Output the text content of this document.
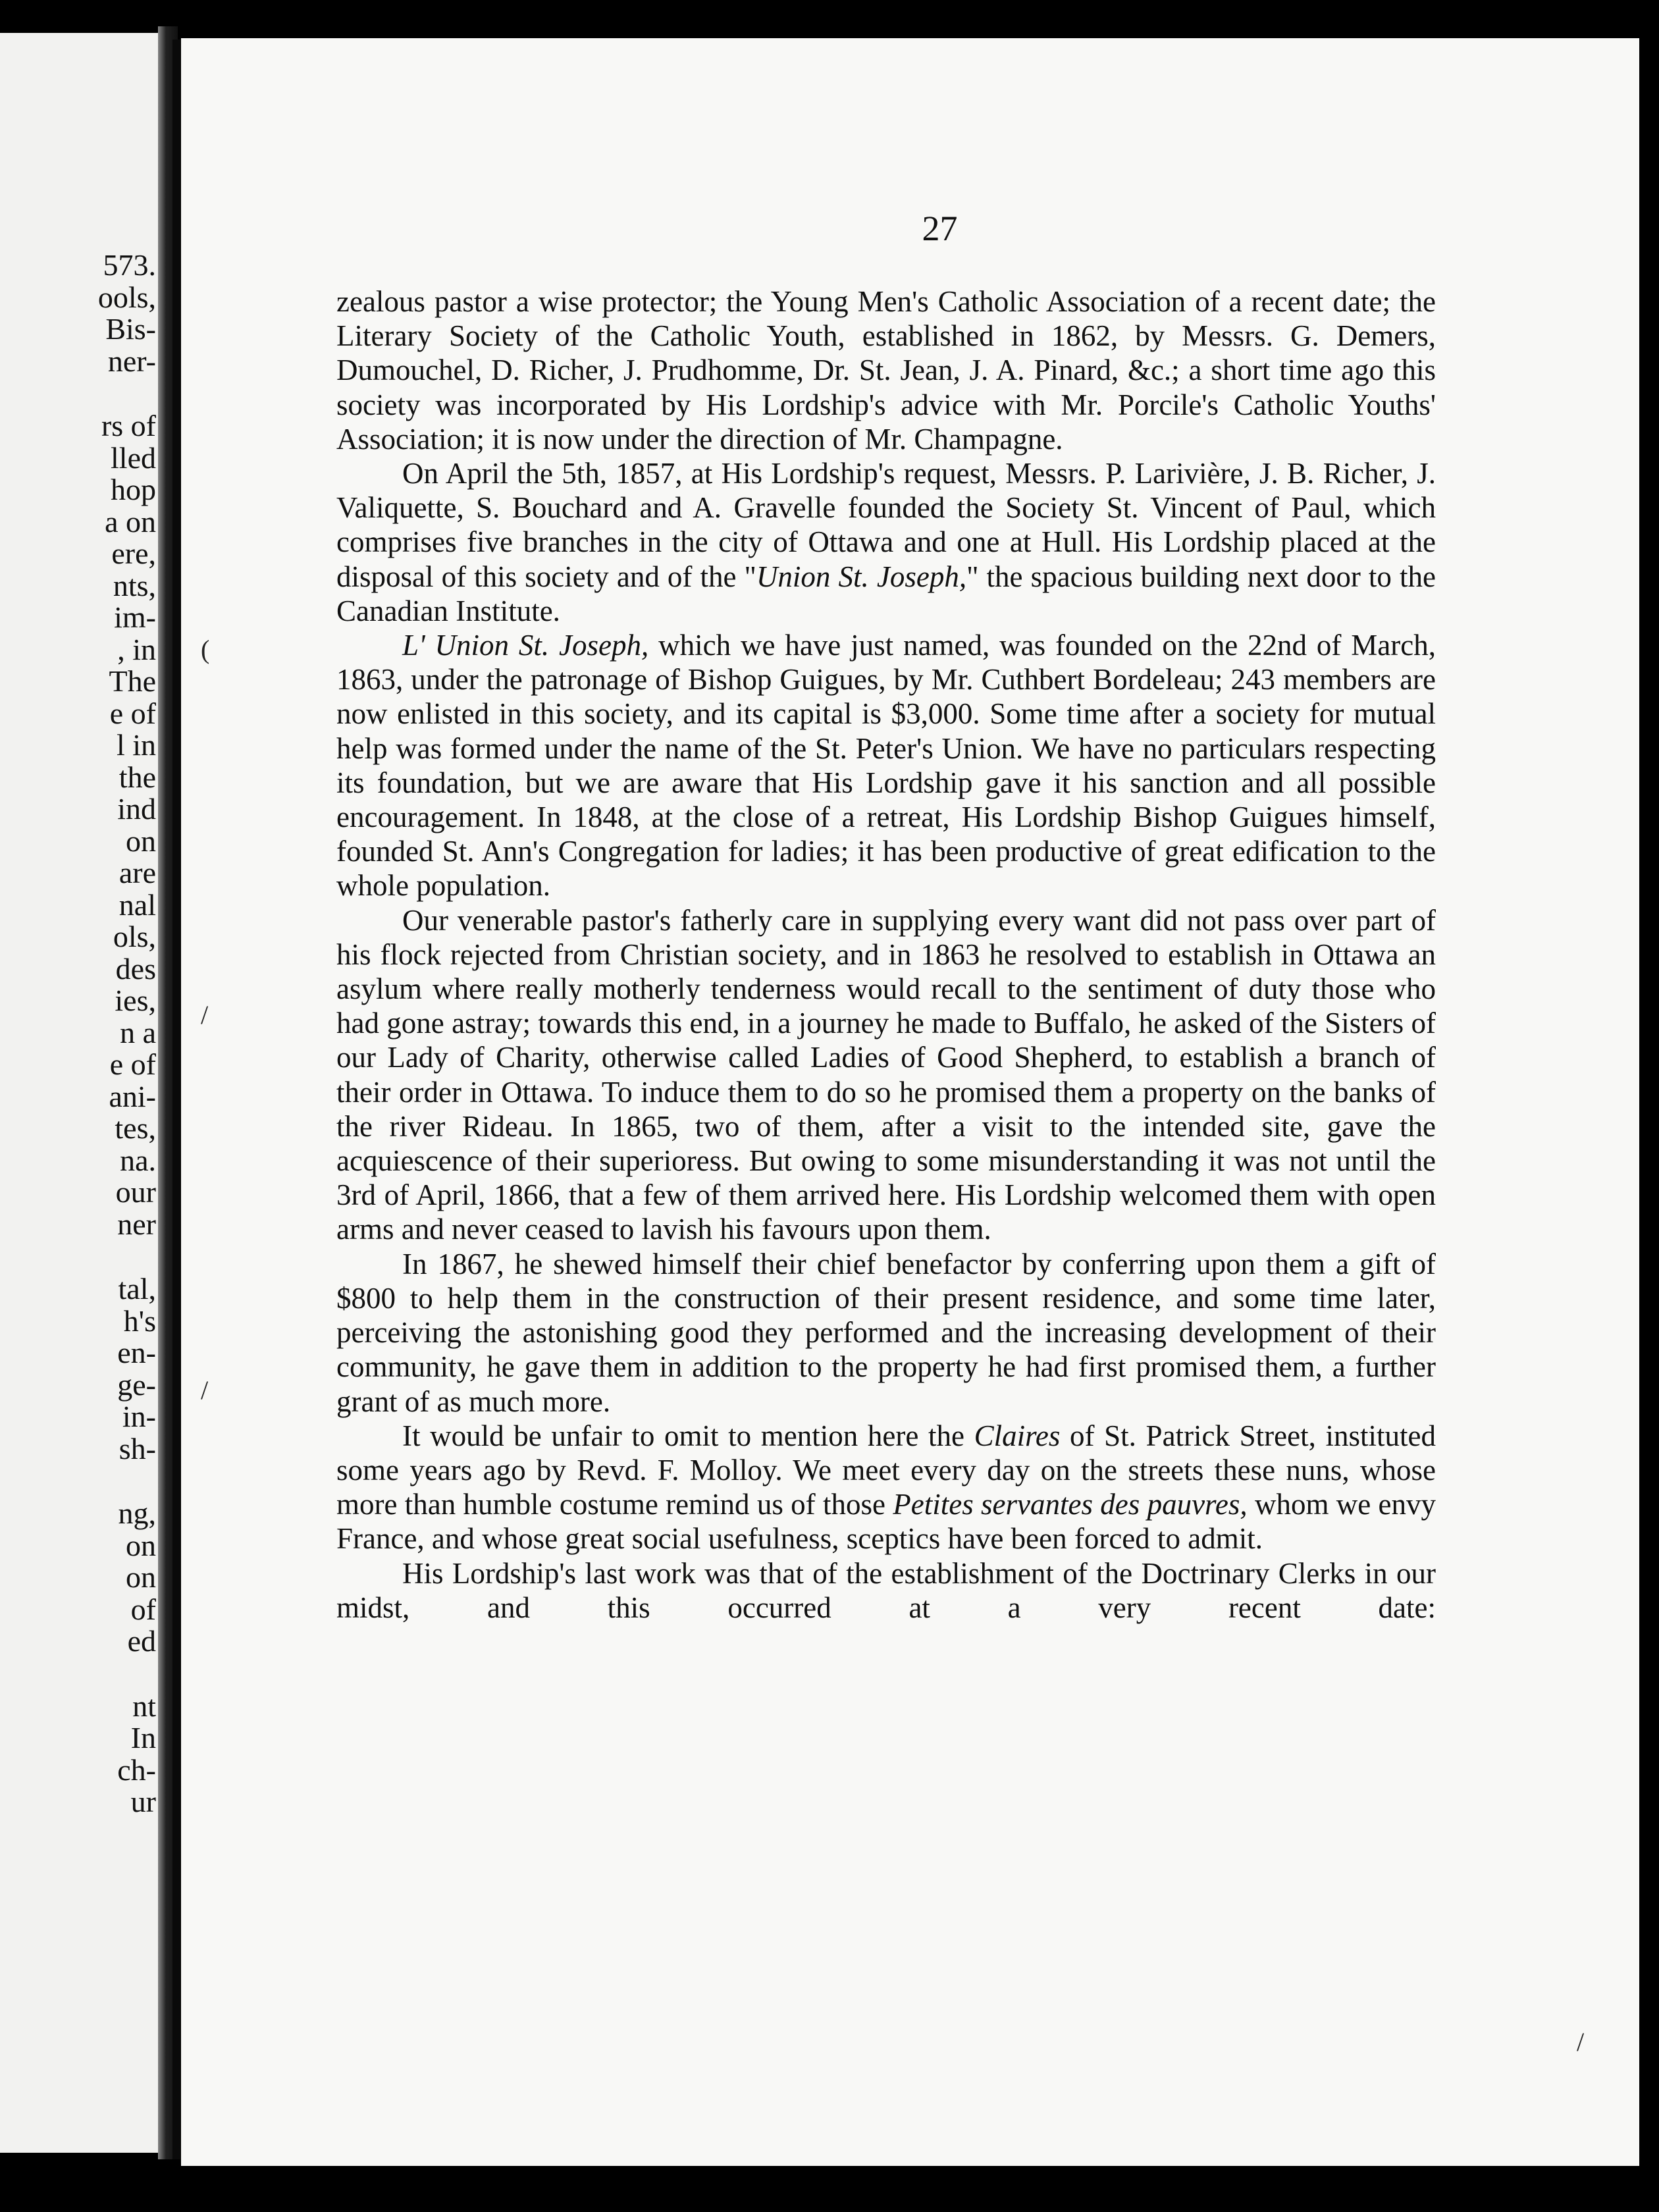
573.
ools,
Bis-
ner-
rs of
lled
hop
a on
ere,
nts,
im-
, in
The
e of
l in
the
ind
on
are
nal
ols,
des
ies,
n a
e of
ani-
tes,
na.
our
ner
tal,
h's
en-
ge-
in-
sh-
ng,
on
on
of
ed
nt
In
ch-
ur
27
(
/
/
/

zealous pastor a wise protector; the Young Men's Catholic Association of a recent date; the Literary Society of the Catholic Youth, established in 1862, by Messrs. G. Demers, Dumouchel, D. Richer, J. Prudhomme, Dr. St. Jean, J. A. Pinard, &c.; a short time ago this society was incorporated by His Lordship's advice with Mr. Porcile's Catholic Youths' Association; it is now under the direction of Mr. Champagne.

On April the 5th, 1857, at His Lordship's request, Messrs. P. Larivière, J. B. Richer, J. Valiquette, S. Bouchard and A. Gravelle founded the Society St. Vincent of Paul, which comprises five branches in the city of Ottawa and one at Hull. His Lordship placed at the disposal of this society and of the "Union St. Joseph," the spacious building next door to the Canadian Institute.

L' Union St. Joseph, which we have just named, was founded on the 22nd of March, 1863, under the patronage of Bishop Guigues, by Mr. Cuthbert Bordeleau; 243 members are now enlisted in this society, and its capital is $3,000. Some time after a society for mutual help was formed under the name of the St. Peter's Union. We have no particulars respecting its foundation, but we are aware that His Lordship gave it his sanction and all possible encouragement. In 1848, at the close of a retreat, His Lordship Bishop Guigues himself, founded St. Ann's Congregation for ladies; it has been productive of great edification to the whole population.

Our venerable pastor's fatherly care in supplying every want did not pass over part of his flock rejected from Christian society, and in 1863 he resolved to establish in Ottawa an asylum where really motherly tenderness would recall to the sentiment of duty those who had gone astray; towards this end, in a journey he made to Buffalo, he asked of the Sisters of our Lady of Charity, otherwise called Ladies of Good Shepherd, to establish a branch of their order in Ottawa. To induce them to do so he promised them a property on the banks of the river Rideau. In 1865, two of them, after a visit to the intended site, gave the acquiescence of their superioress. But owing to some misunderstanding it was not until the 3rd of April, 1866, that a few of them arrived here. His Lordship welcomed them with open arms and never ceased to lavish his favours upon them.

In 1867, he shewed himself their chief benefactor by conferring upon them a gift of $800 to help them in the construction of their present residence, and some time later, perceiving the astonishing good they performed and the increasing development of their community, he gave them in addition to the property he had first promised them, a further grant of as much more.

It would be unfair to omit to mention here the Claires of St. Patrick Street, instituted some years ago by Revd. F. Molloy. We meet every day on the streets these nuns, whose more than humble costume remind us of those Petites servantes des pauvres, whom we envy France, and whose great social usefulness, sceptics have been forced to admit.

His Lordship's last work was that of the establishment of the Doctrinary Clerks in our midst, and this occurred at a very recent date:
